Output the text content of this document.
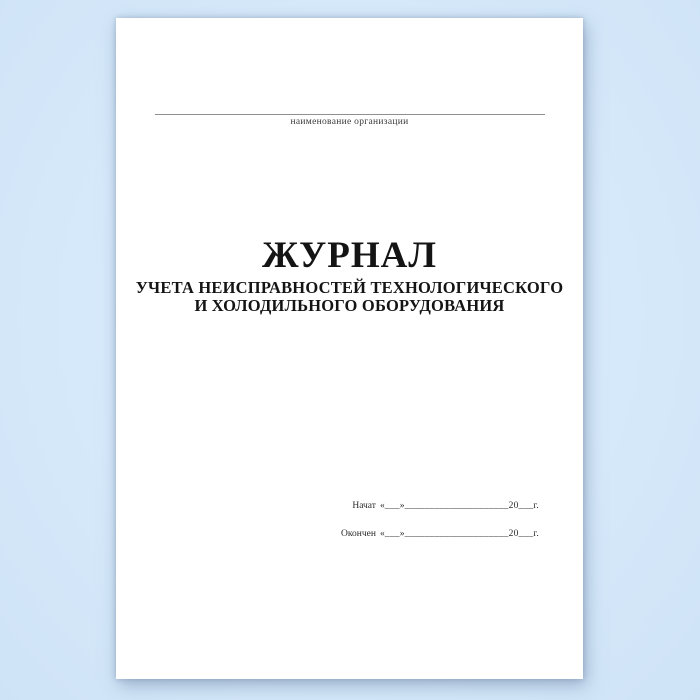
наименование организации
ЖУРНАЛ
УЧЕТА НЕИСПРАВНОСТЕЙ ТЕХНОЛОГИЧЕСКОГО
И ХОЛОДИЛЬНОГО ОБОРУДОВАНИЯ
Начат «___»_____________________20___г.
Окончен «___»_____________________20___г.
